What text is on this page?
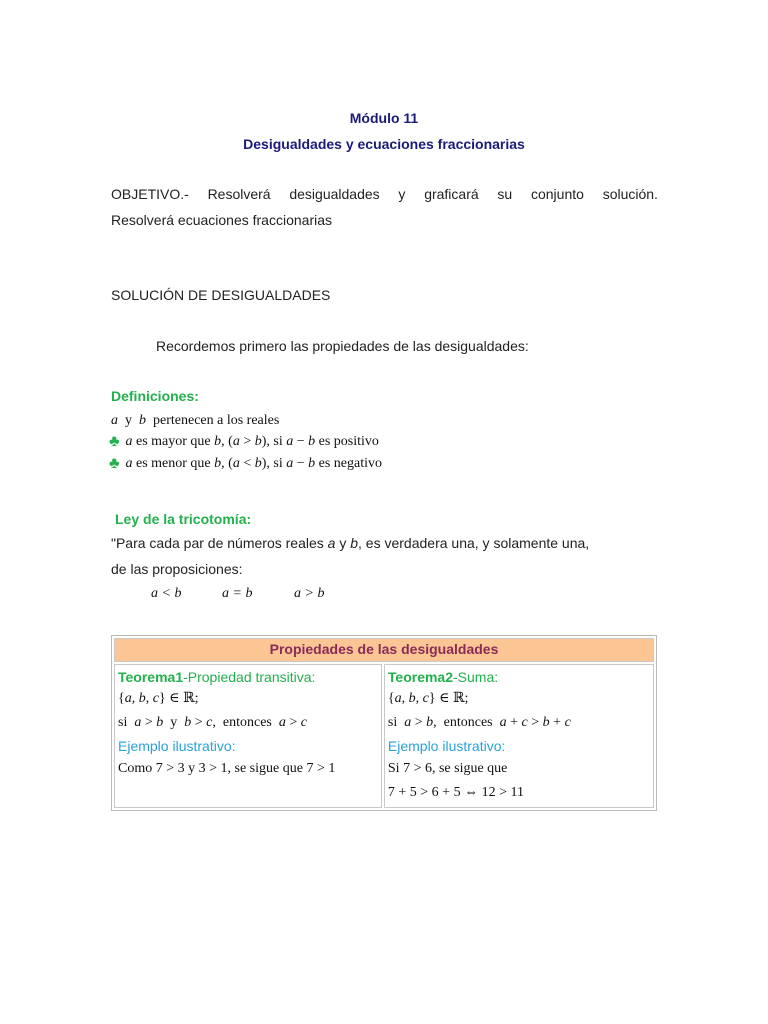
Módulo 11
Desigualdades y ecuaciones fraccionarias
OBJETIVO.- Resolverá desigualdades y graficará su conjunto solución.
Resolverá ecuaciones fraccionarias
SOLUCIÓN DE DESIGUALDADES
Recordemos primero las propiedades de las desigualdades:
Definiciones:
a  y  b  pertenecen a los reales
♣ a es mayor que b, (a > b), si a − b es positivo
♣ a es menor que b, (a < b), si a − b es negativo
Ley de la tricotomía:
"Para cada par de números reales a y b, es verdadera una, y solamente una,
de las proposiciones:
a < b	a = b	a > b
Propiedades de las desigualdades

Teorema1-Propiedad transitiva:
{a, b, c} ∈ ℝ;
si  a > b  y  b > c,  entonces  a > c
Ejemplo ilustrativo:
Como 7 > 3 y 3 > 1, se sigue que 7 > 1

Teorema2-Suma:
{a, b, c} ∈ ℝ;
si  a > b,  entonces  a + c > b + c
Ejemplo ilustrativo:
Si 7 > 6, se sigue que
7 + 5 > 6 + 5 ⇔ 12 > 11
